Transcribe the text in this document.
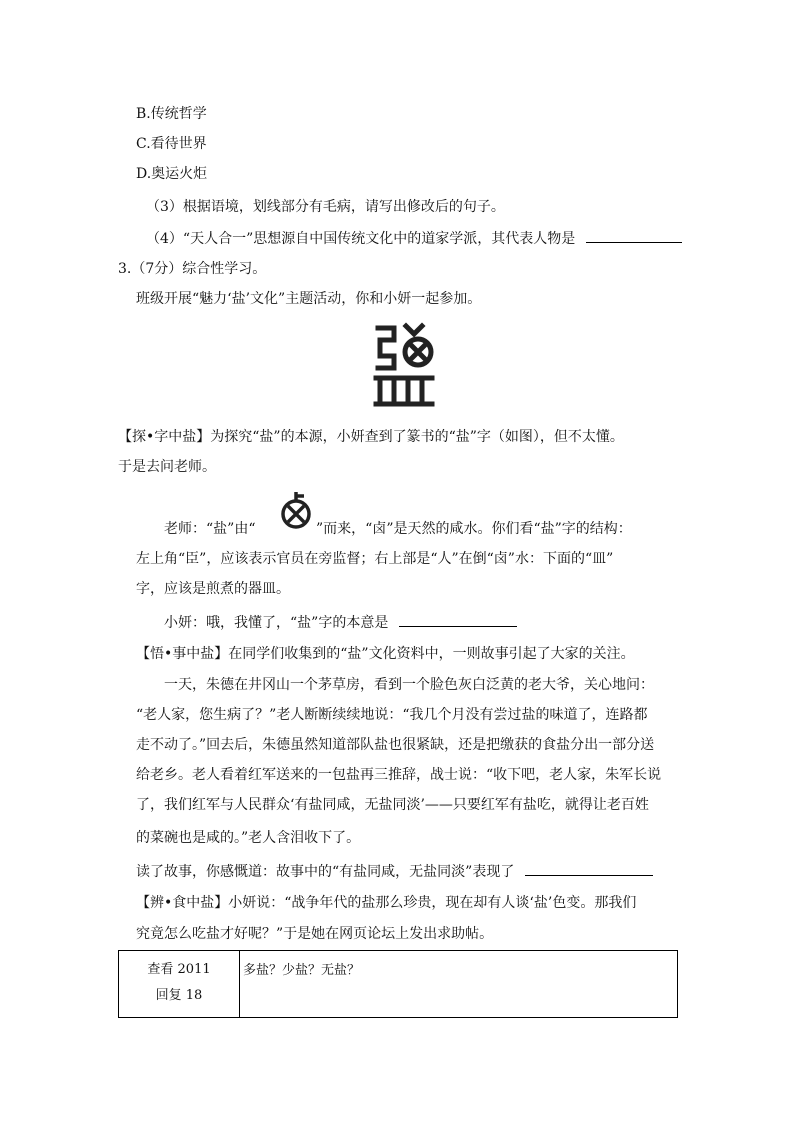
B.传统哲学
C.看待世界
D.奥运火炬
（3）根据语境，划线部分有毛病，请写出修改后的句子。
（4）“天人合一”思想源自中国传统文化中的道家学派，其代表人物是
3.（7分）综合性学习。
班级开展“魅力‘盐’文化”主题活动，你和小妍一起参加。
【探•字中盐】为探究“盐”的本源，小妍查到了篆书的“盐”字（如图），但不太懂。
于是去问老师。
老师：“盐”由“	”而来，“卤”是天然的咸水。你们看“盐”字的结构：
左上角“臣”，应该表示官员在旁监督；右上部是“人”在倒“卤”水：下面的“皿”
字，应该是煎煮的器皿。
小妍：哦，我懂了，“盐”字的本意是
【悟•事中盐】在同学们收集到的“盐”文化资料中，一则故事引起了大家的关注。
一天，朱德在井冈山一个茅草房，看到一个脸色灰白泛黄的老大爷，关心地问：
“老人家，您生病了？”老人断断续续地说：“我几个月没有尝过盐的味道了，连路都
走不动了。”回去后，朱德虽然知道部队盐也很紧缺，还是把缴获的食盐分出一部分送
给老乡。老人看着红军送来的一包盐再三推辞，战士说：“收下吧，老人家，朱军长说
了，我们红军与人民群众‘有盐同咸，无盐同淡’——只要红军有盐吃，就得让老百姓
的菜碗也是咸的。”老人含泪收下了。
读了故事，你感慨道：故事中的“有盐同咸，无盐同淡”表现了
【辨•食中盐】小妍说：“战争年代的盐那么珍贵，现在却有人谈‘盐’色变。那我们
究竟怎么吃盐才好呢？”于是她在网页论坛上发出求助帖。
查看 2011
回复 18
	多盐？少盐？无盐？
